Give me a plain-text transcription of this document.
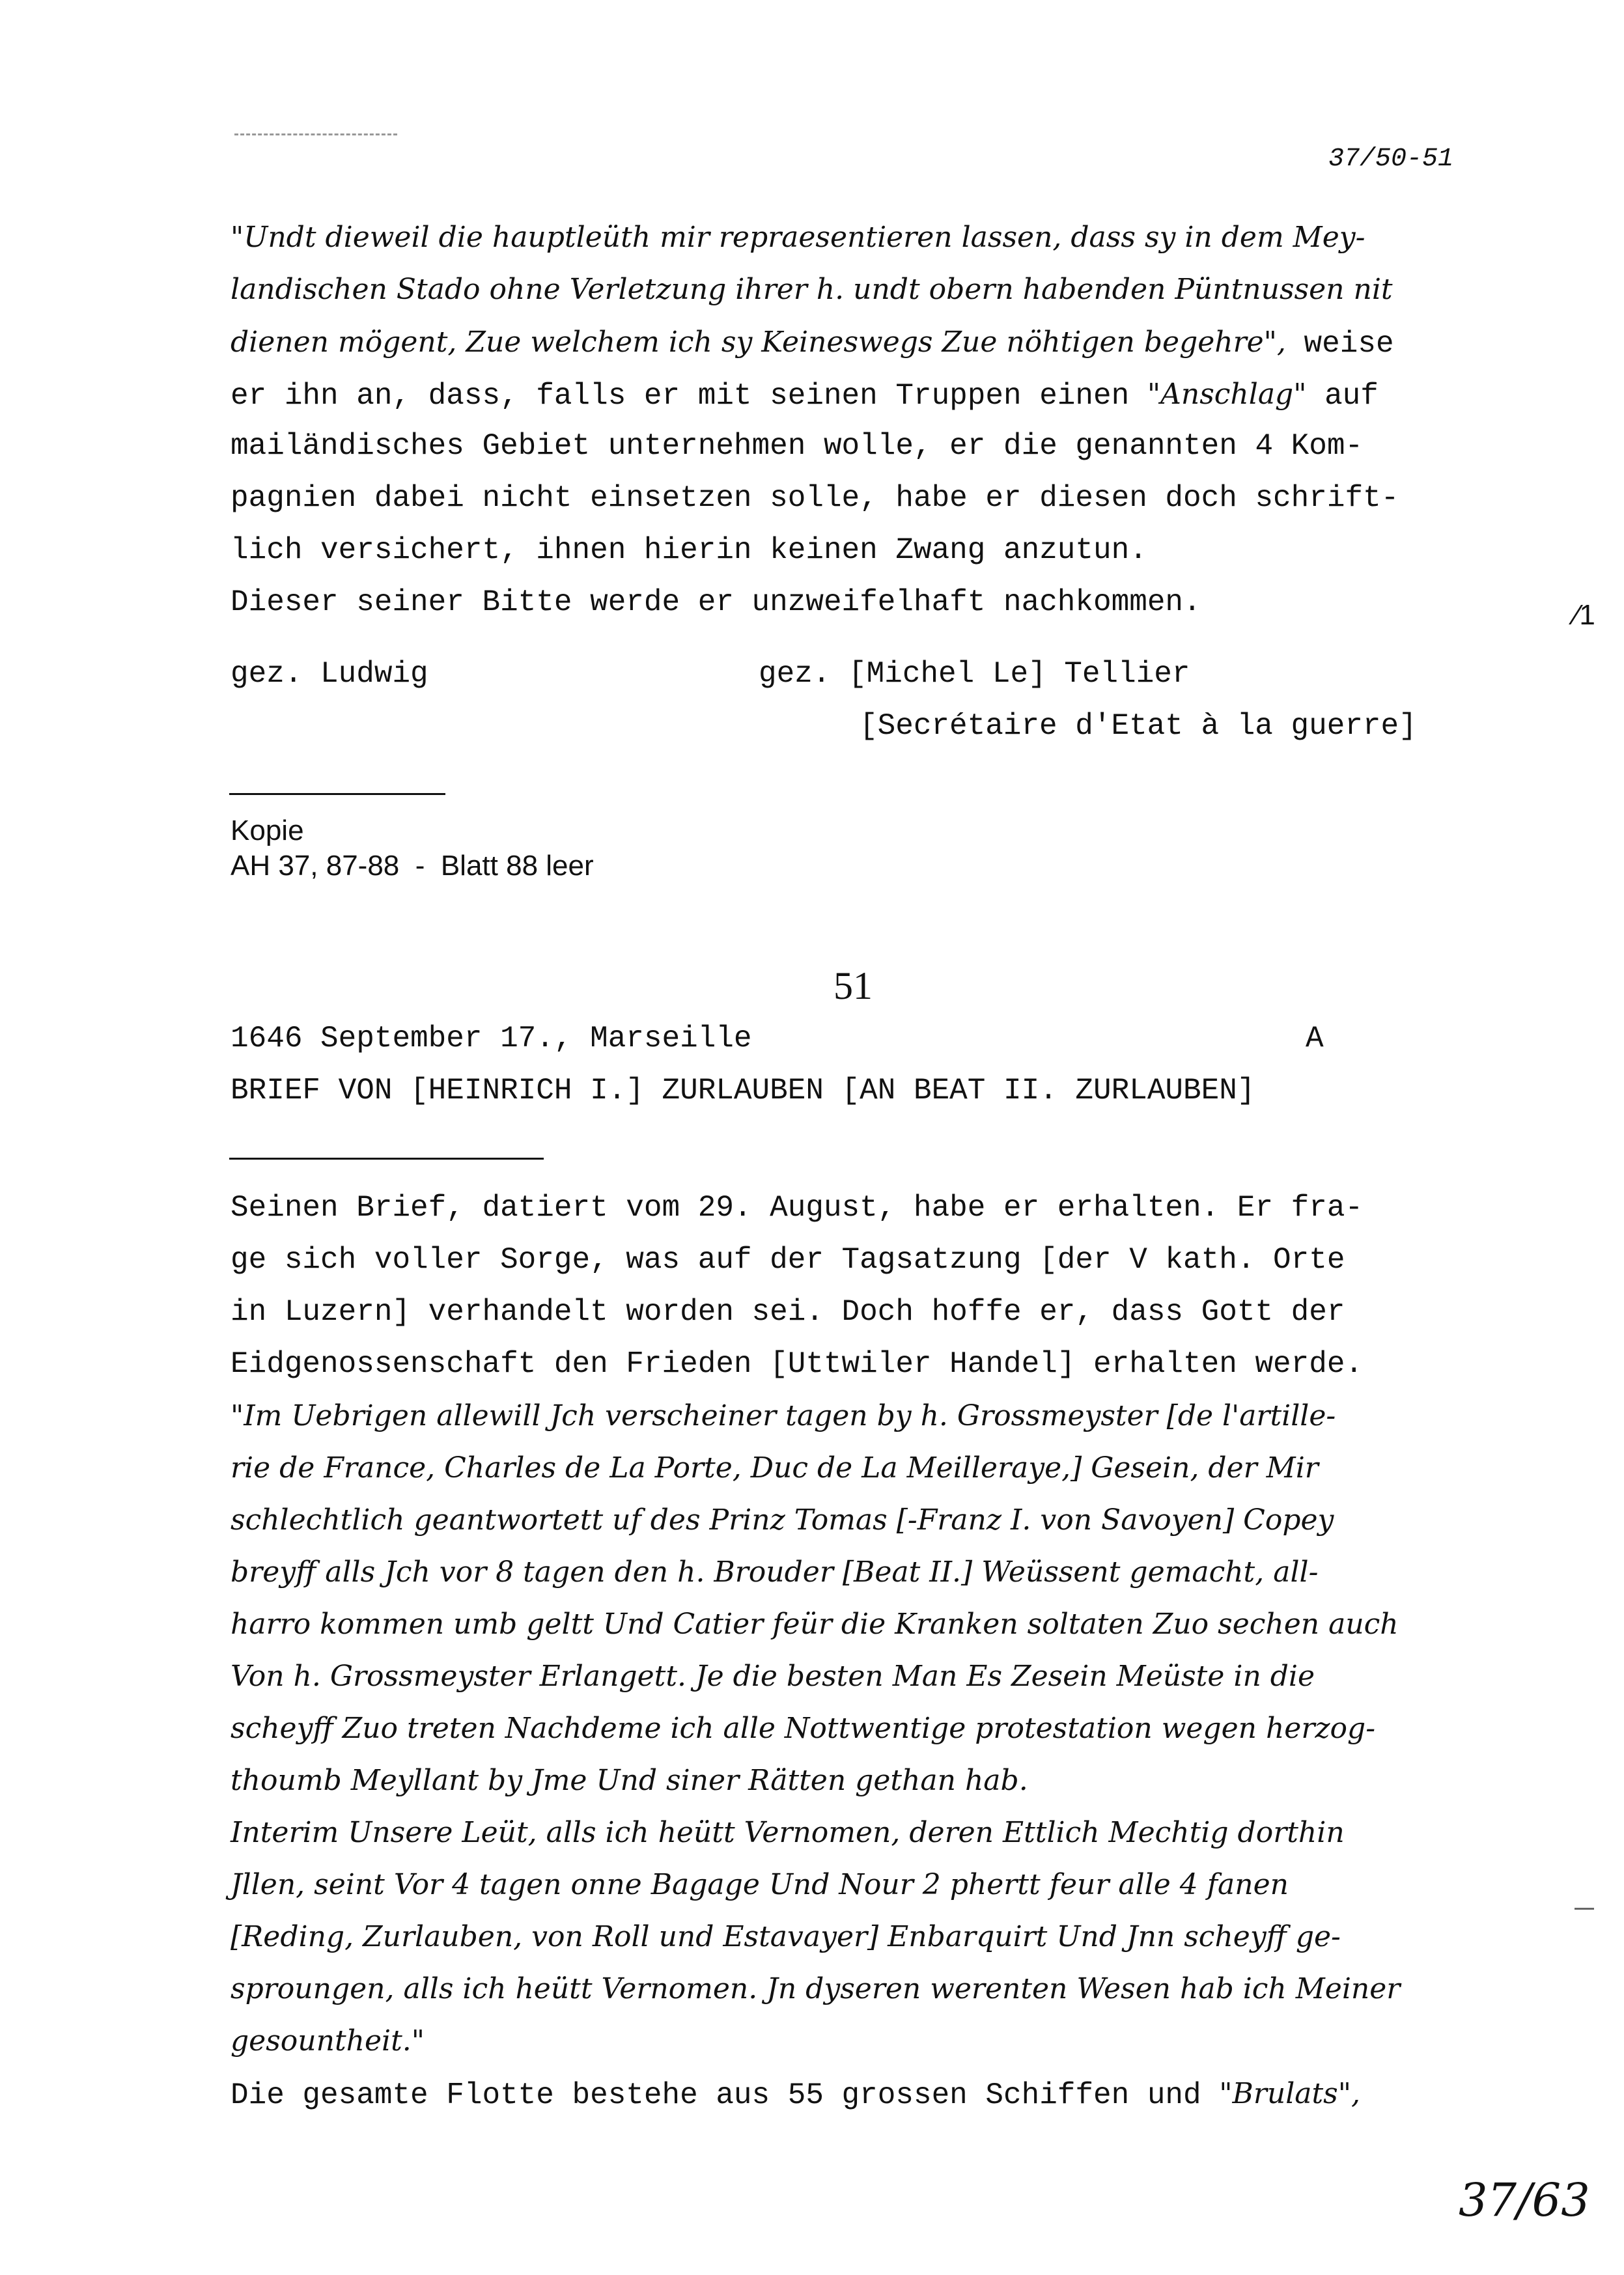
37/50-51
"Undt dieweil die hauptleüth mir repraesentieren lassen, dass sy in dem Mey-
landischen Stado ohne Verletzung ihrer h. undt obern habenden Püntnussen nit
dienen mögent, Zue welchem ich sy Keineswegs Zue nöhtigen begehre", weise
er ihn an, dass, falls er mit seinen Truppen einen "Anschlag" auf
mailändisches Gebiet unternehmen wolle, er die genannten 4 Kom-
pagnien dabei nicht einsetzen solle, habe er diesen doch schrift-
lich versichert, ihnen hierin keinen Zwang anzutun.
Dieser seiner Bitte werde er unzweifelhaft nachkommen.	⁄1
gez. Ludwig	gez. [Michel Le] Tellier
[Secrétaire d'Etat à la guerre]
Kopie
AH 37, 87-88  -  Blatt 88 leer
51
1646 September 17., Marseille	A
BRIEF VON [HEINRICH I.] ZURLAUBEN [AN BEAT II. ZURLAUBEN]
Seinen Brief, datiert vom 29. August, habe er erhalten. Er fra-
ge sich voller Sorge, was auf der Tagsatzung [der V kath. Orte
in Luzern] verhandelt worden sei. Doch hoffe er, dass Gott der
Eidgenossenschaft den Frieden [Uttwiler Handel] erhalten werde.
"Im Uebrigen allewill Jch verscheiner tagen by h. Grossmeyster [de l'artille-
rie de France, Charles de La Porte, Duc de La Meilleraye,] Gesein, der Mir
schlechtlich geantwortett uf des Prinz Tomas [-Franz I. von Savoyen] Copey
breyff alls Jch vor 8 tagen den h. Brouder [Beat II.] Weüssent gemacht, all-
harro kommen umb geltt Und Catier feür die Kranken soltaten Zuo sechen auch
Von h. Grossmeyster Erlangett. Je die besten Man Es Zesein Meüste in die
scheyff Zuo treten Nachdeme ich alle Nottwentige protestation wegen herzog-
thoumb Meyllant by Jme Und siner Rätten gethan hab.
Interim Unsere Leüt, alls ich heütt Vernomen, deren Ettlich Mechtig dorthin
Jllen, seint Vor 4 tagen onne Bagage Und Nour 2 phertt feur alle 4 fanen
[Reding, Zurlauben, von Roll und Estavayer] Enbarquirt Und Jnn scheyff ge-
sproungen, alls ich heütt Vernomen. Jn dyseren werenten Wesen hab ich Meiner
gesountheit."
Die gesamte Flotte bestehe aus 55 grossen Schiffen und "Brulats",
37/63
